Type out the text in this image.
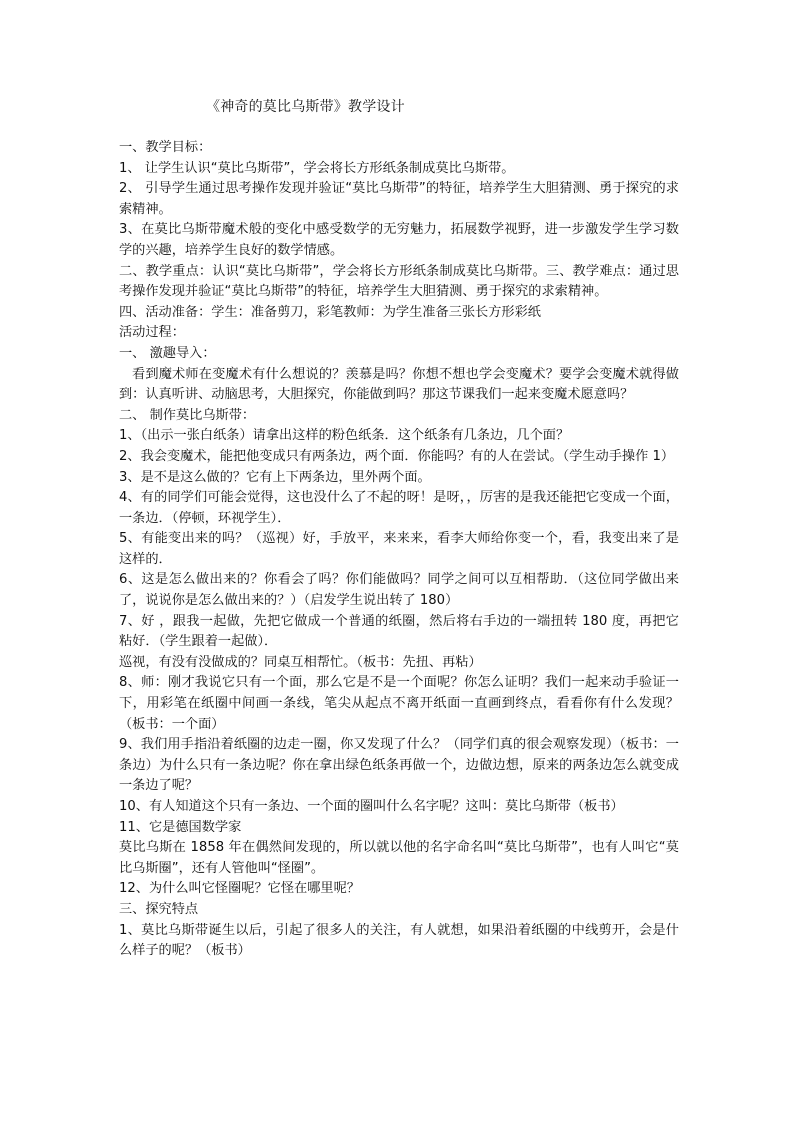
《神奇的莫比乌斯带》教学设计

一、教学目标：

1、 让学生认识“莫比乌斯带”，学会将长方形纸条制成莫比乌斯带。

2、 引导学生通过思考操作发现并验证“莫比乌斯带”的特征，培养学生大胆猜测、勇于探究的求索精神。

3、在莫比乌斯带魔术般的变化中感受数学的无穷魅力，拓展数学视野，进一步激发学生学习数学的兴趣，培养学生良好的数学情感。

二、教学重点：认识“莫比乌斯带”，学会将长方形纸条制成莫比乌斯带。三、教学难点：通过思考操作发现并验证“莫比乌斯带”的特征，培养学生大胆猜测、勇于探究的求索精神。

四、活动准备：学生：准备剪刀，彩笔教师：为学生准备三张长方形彩纸

活动过程：

一、 激趣导入：

看到魔术师在变魔术有什么想说的？羡慕是吗？你想不想也学会变魔术？要学会变魔术就得做到：认真听讲、动脑思考，大胆探究，你能做到吗？那这节课我们一起来变魔术愿意吗？

二、 制作莫比乌斯带：

1、（出示一张白纸条）请拿出这样的粉色纸条．这个纸条有几条边，几个面？

2、我会变魔术，能把他变成只有两条边，两个面．你能吗？有的人在尝试。（学生动手操作 1）

3、是不是这么做的？它有上下两条边，里外两个面。

4、有的同学们可能会觉得，这也没什么了不起的呀！是呀，，厉害的是我还能把它变成一个面，一条边．（停顿，环视学生）．

5、有能变出来的吗？（巡视）好，手放平，来来来，看李大师给你变一个，看，我变出来了是这样的．

6、这是怎么做出来的？你看会了吗？你们能做吗？同学之间可以互相帮助．（这位同学做出来了，说说你是怎么做出来的？）（启发学生说出转了 180）

7、好 ，跟我一起做，先把它做成一个普通的纸圈，然后将右手边的一端扭转 180 度，再把它粘好．（学生跟着一起做）．

巡视，有没有没做成的？同桌互相帮忙。（板书：先扭、再粘）

8、师：刚才我说它只有一个面，那么它是不是一个面呢？你怎么证明？我们一起来动手验证一下，用彩笔在纸圈中间画一条线，笔尖从起点不离开纸面一直画到终点，看看你有什么发现？（板书：一个面）

9、我们用手指沿着纸圈的边走一圈，你又发现了什么？（同学们真的很会观察发现）（板书：一条边）为什么只有一条边呢？你在拿出绿色纸条再做一个，边做边想，原来的两条边怎么就变成一条边了呢？

10、有人知道这个只有一条边、一个面的圈叫什么名字呢？这叫：莫比乌斯带（板书）

11、它是德国数学家

莫比乌斯在 1858 年在偶然间发现的，所以就以他的名字命名叫“莫比乌斯带”，也有人叫它“莫比乌斯圈”，还有人管他叫“怪圈”。

12、为什么叫它怪圈呢？它怪在哪里呢？

三、探究特点

1、莫比乌斯带诞生以后，引起了很多人的关注，有人就想，如果沿着纸圈的中线剪开，会是什么样子的呢？（板书）
